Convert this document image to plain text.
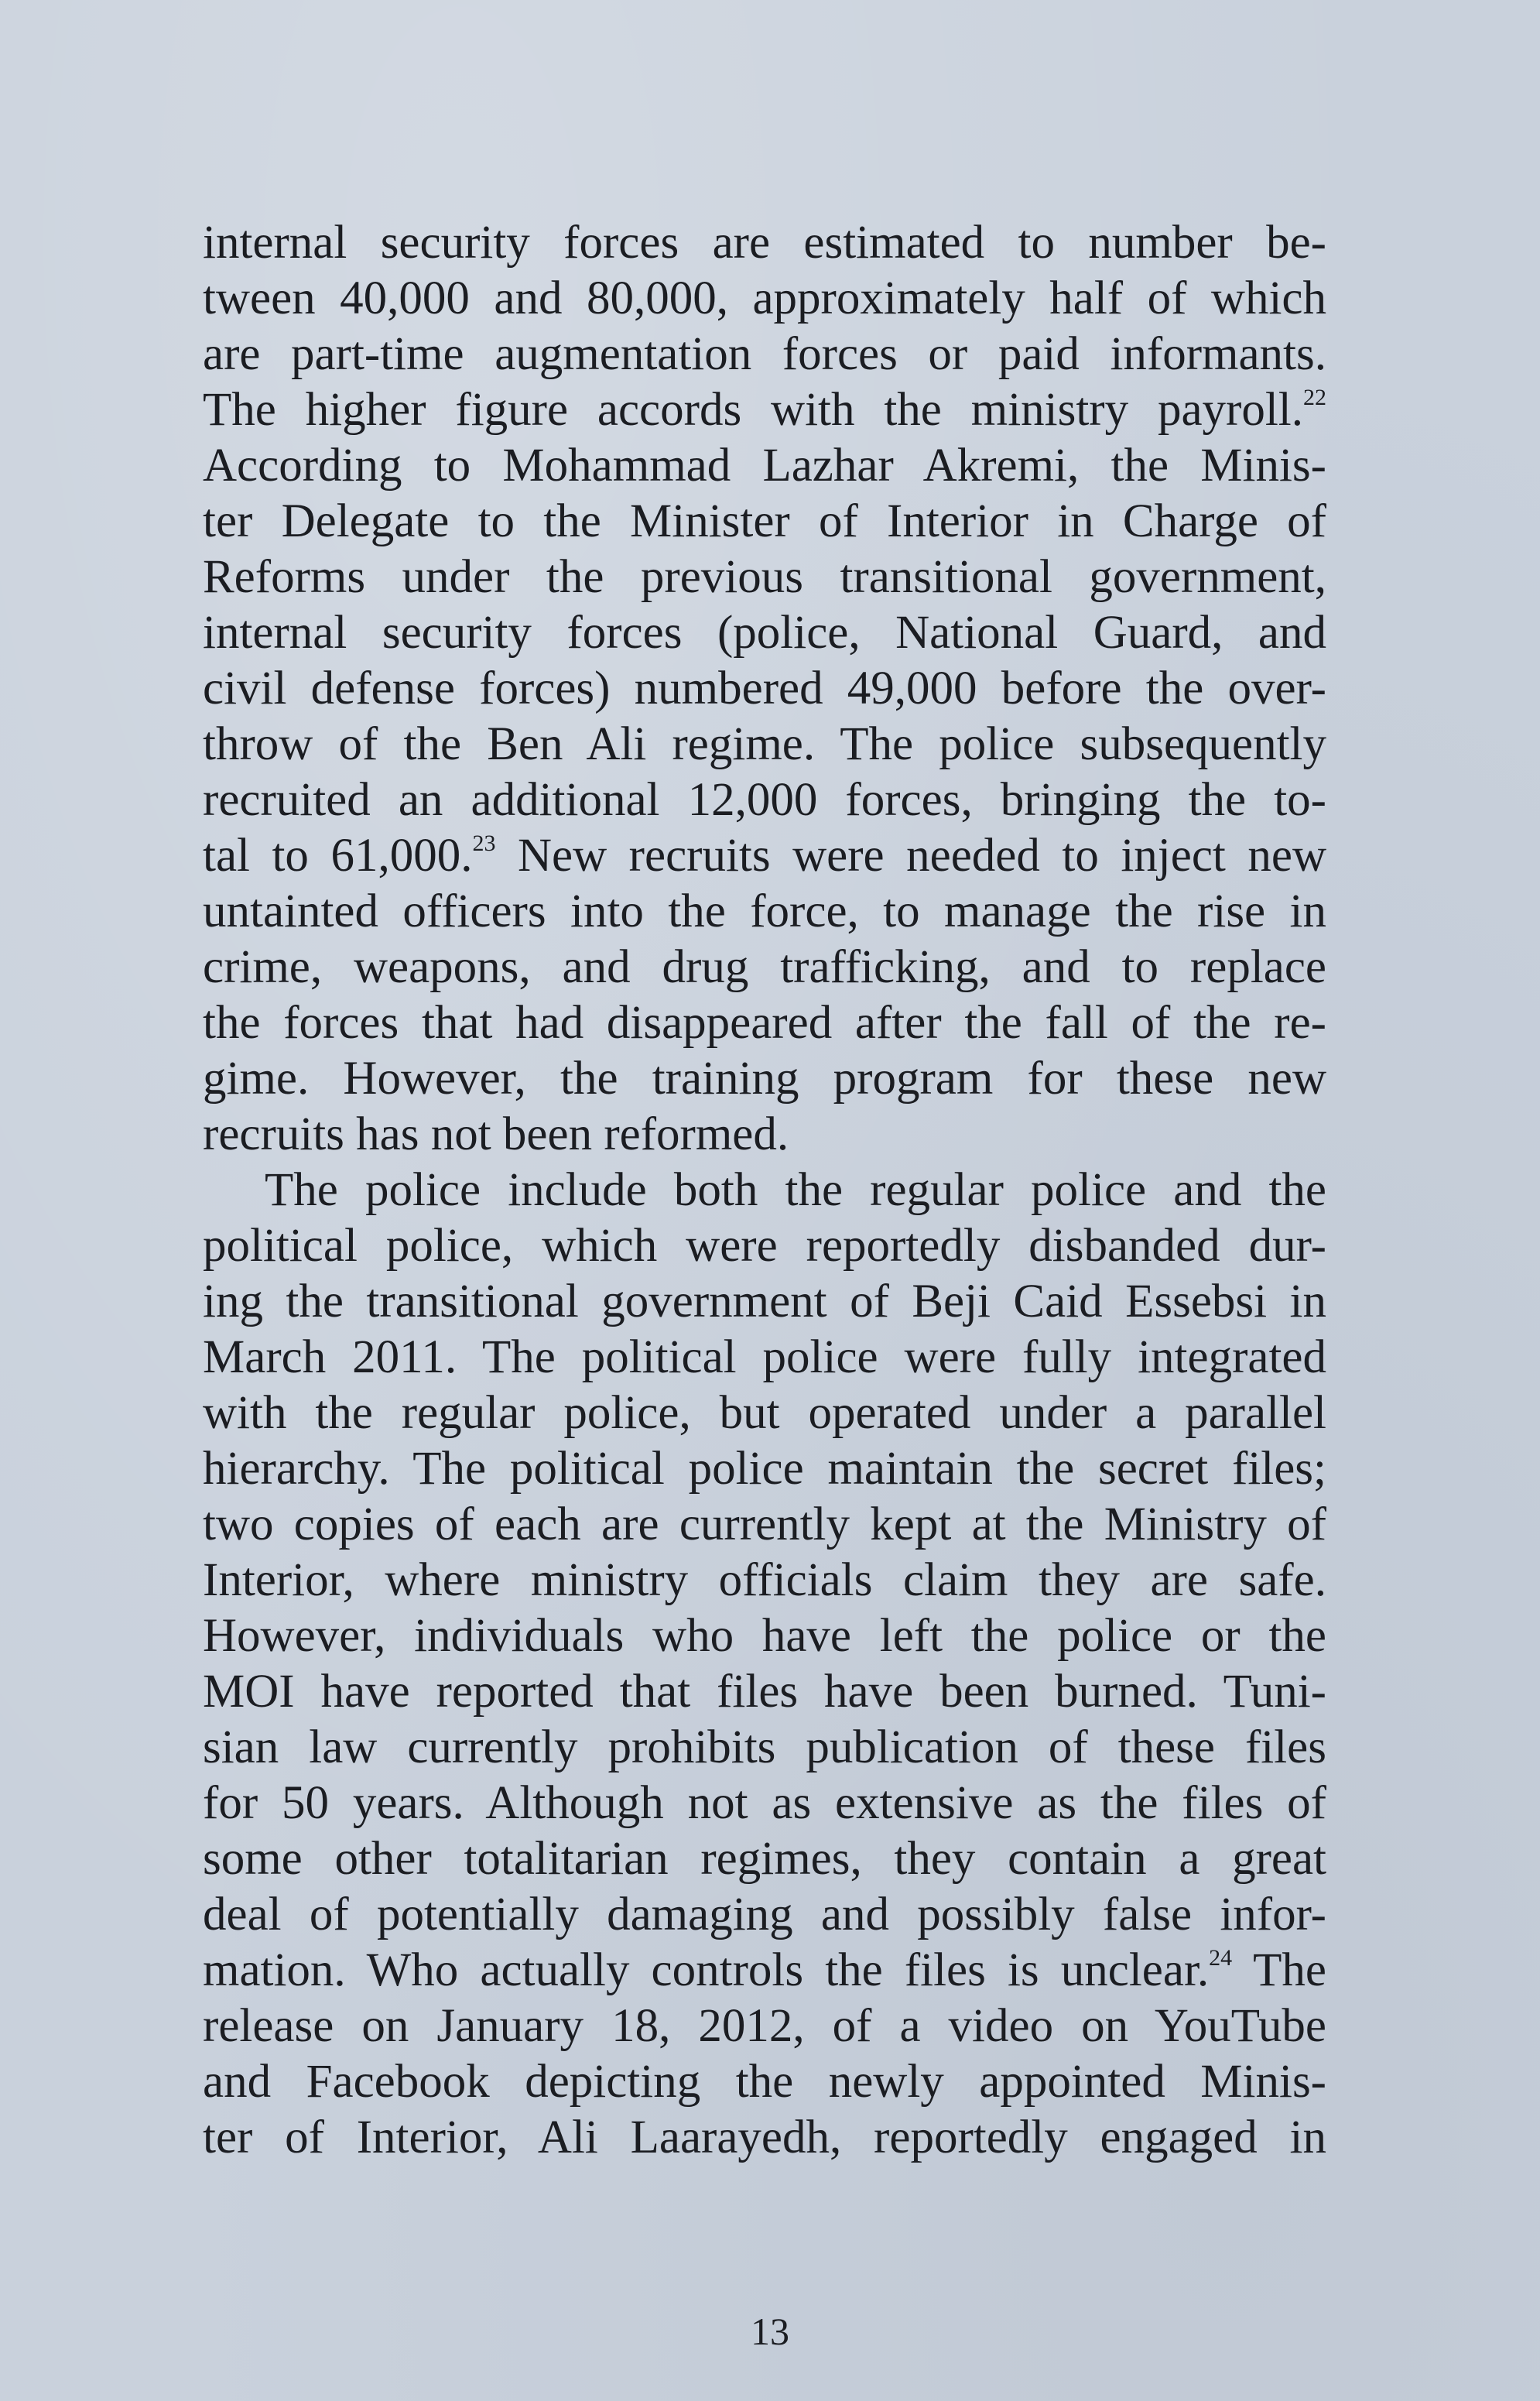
internal security forces are estimated to number be-
tween 40,000 and 80,000, approximately half of which
are part-time augmentation forces or paid informants.
The higher figure accords with the ministry payroll.$^{22}$
According to Mohammad Lazhar Akremi, the Minis-
ter Delegate to the Minister of Interior in Charge of
Reforms under the previous transitional government,
internal security forces (police, National Guard, and
civil defense forces) numbered 49,000 before the over-
throw of the Ben Ali regime. The police subsequently
recruited an additional 12,000 forces, bringing the to-
tal to 61,000.23 New recruits were needed to inject new
untainted officers into the force, to manage the rise in
crime, weapons, and drug trafficking, and to replace
the forces that had disappeared after the fall of the re-
gime. However, the training program for these new
recruits has not been reformed.
The police include both the regular police and the
political police, which were reportedly disbanded dur-
ing the transitional government of Beji Caid Essebsi in
March 2011. The political police were fully integrated
with the regular police, but operated under a parallel
hierarchy. The political police maintain the secret files;
two copies of each are currently kept at the Ministry of
Interior, where ministry officials claim they are safe.
However, individuals who have left the police or the
MOI have reported that files have been burned. Tuni-
sian law currently prohibits publication of these files
for 50 years. Although not as extensive as the files of
some other totalitarian regimes, they contain a great
deal of potentially damaging and possibly false infor-
mation. Who actually controls the files is unclear.$^{24}$ The
release on January 18, 2012, of a video on YouTube
and Facebook depicting the newly appointed Minis-
ter of Interior, Ali Laarayedh, reportedly engaged in
13
